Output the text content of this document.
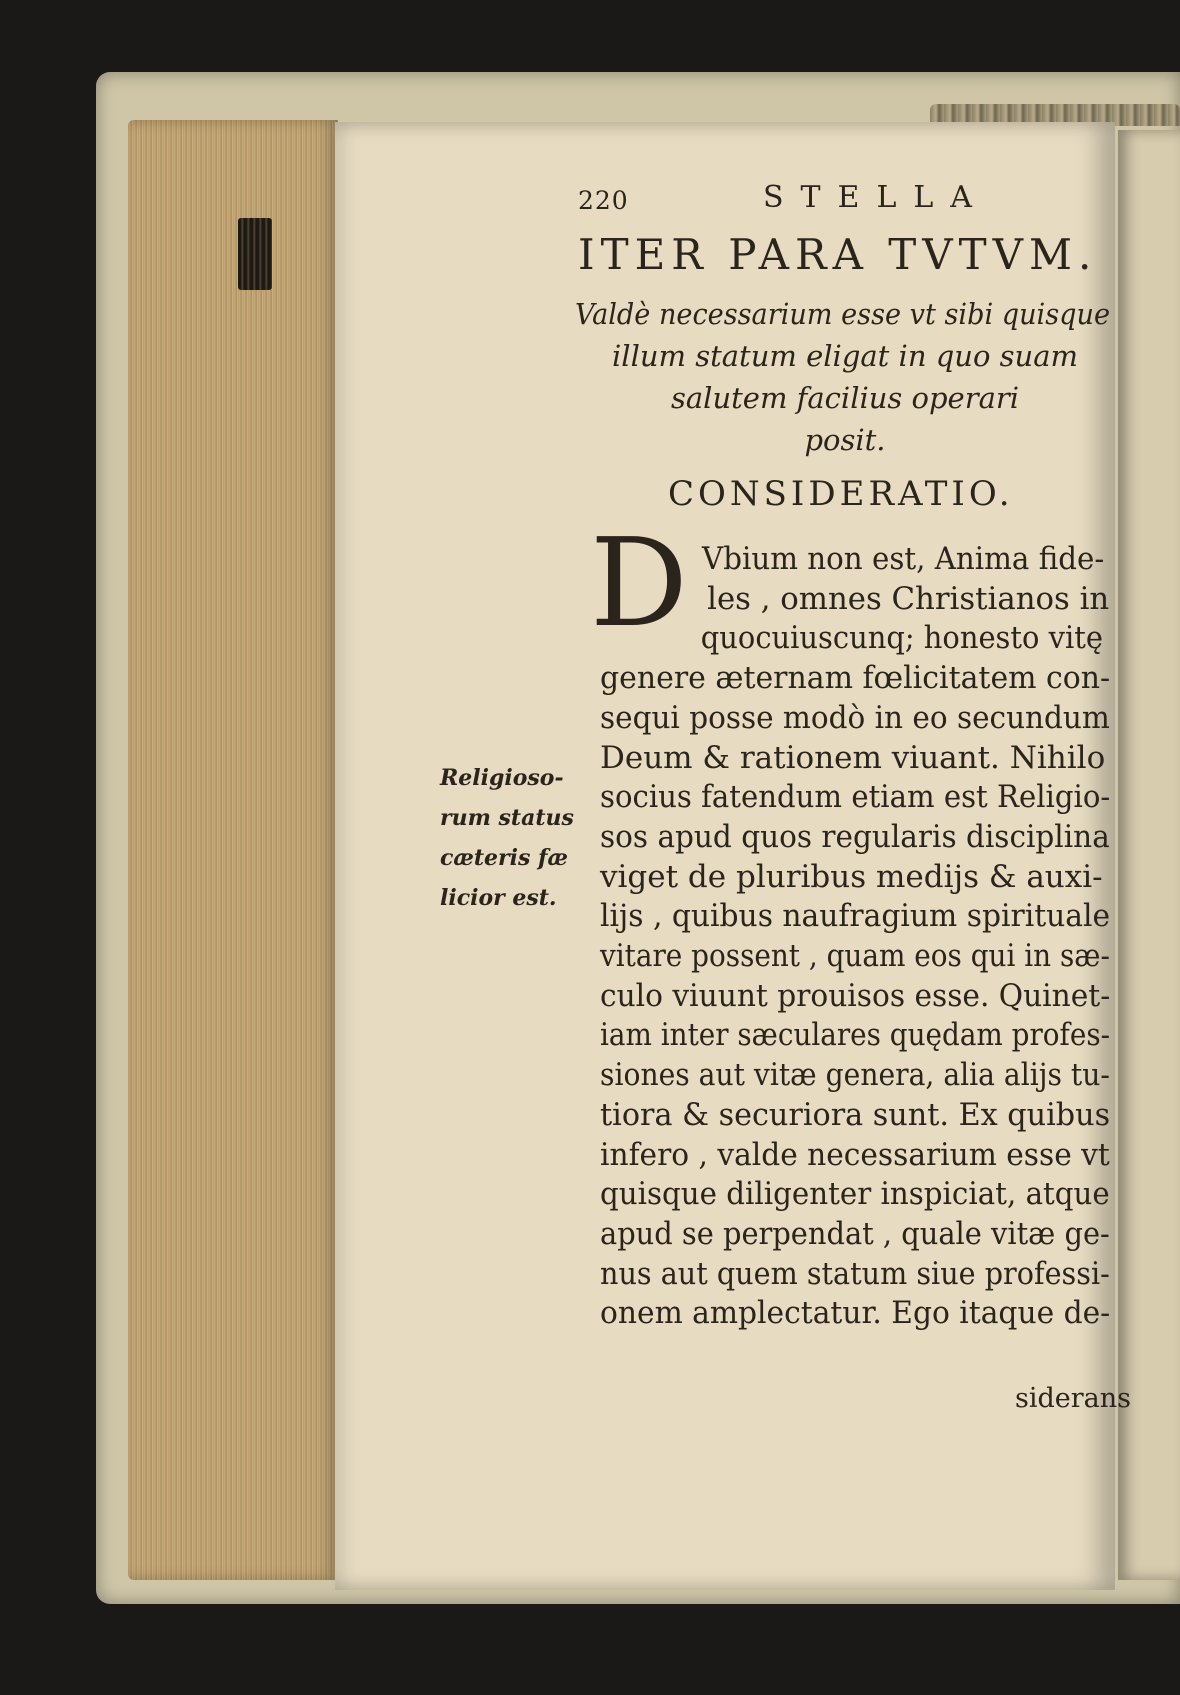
220	STELLA
ITER PARA TVTVM.
Valdè necessarium esse vt sibi quisque
illum statum eligat in quo suam
salutem facilius operari
posit.
CONSIDERATIO.
D
Religioso-
rum status
cæteris fæ
licior est.
Vbium non est, Anima fide-
les , omnes Christianos in
quocuiuscunq; honesto vitę
genere æternam fœlicitatem con-
sequi posse modò in eo secundum
Deum & rationem viuant. Nihilo
socius fatendum etiam est Religio-
sos apud quos regularis disciplina
viget de pluribus medijs & auxi-
lijs , quibus naufragium spirituale
vitare possent , quam eos qui in sæ-
culo viuunt prouisos esse. Quinet-
iam inter sæculares quędam profes-
siones aut vitæ genera, alia alijs tu-
tiora & securiora sunt. Ex quibus
infero , valde necessarium esse vt
quisque diligenter inspiciat, atque
apud se perpendat , quale vitæ ge-
nus aut quem statum siue professi-
onem amplectatur. Ego itaque de-
siderans
